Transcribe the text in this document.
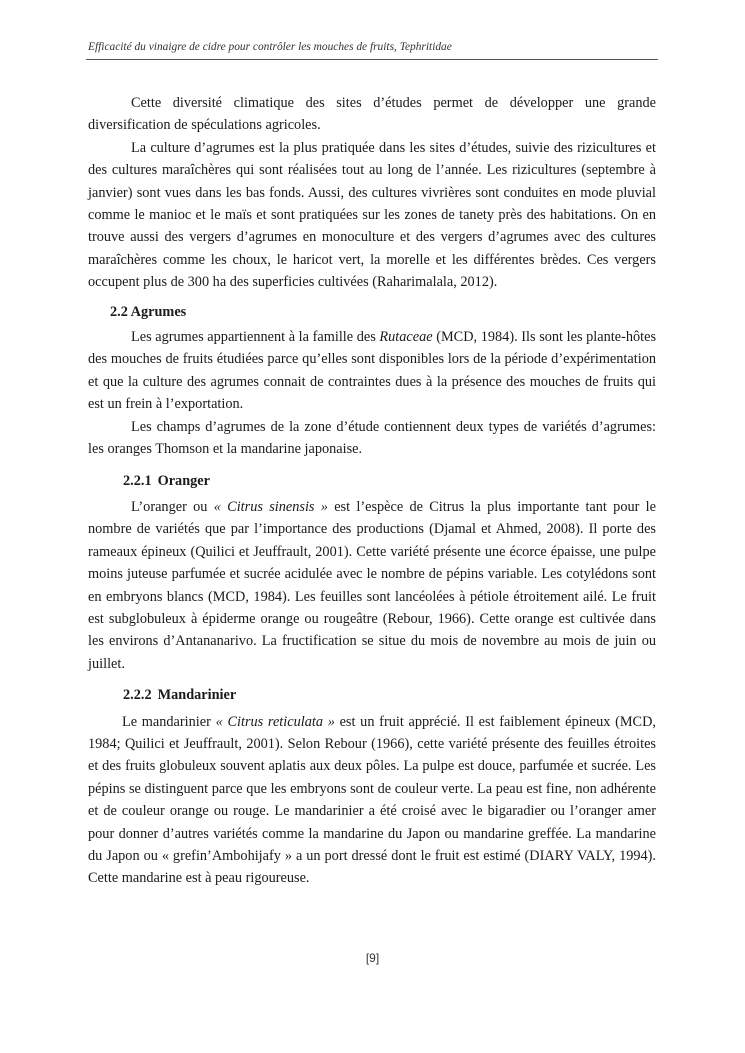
Efficacité du vinaigre de cidre pour contrôler les mouches de fruits, Tephritidae

Cette diversité climatique des sites d’études permet de développer une grande diversification de spéculations agricoles.

La culture d’agrumes est la plus pratiquée dans les sites d’études, suivie des rizicultures et des cultures maraîchères qui sont réalisées tout au long de l’année. Les rizicultures (septembre à janvier) sont vues dans les bas fonds. Aussi, des cultures vivrières sont conduites en mode pluvial comme le manioc et le maïs et sont pratiquées sur les zones de tanety près des habitations. On en trouve aussi des vergers d’agrumes en monoculture et des vergers d’agrumes avec des cultures maraîchères comme les choux, le haricot vert, la morelle et les différentes brèdes. Ces vergers occupent plus de 300 ha des superficies cultivées (Raharimalala, 2012).

2.2 Agrumes

Les agrumes appartiennent à la famille des Rutaceae (MCD, 1984). Ils sont les plante-hôtes des mouches de fruits étudiées parce qu’elles sont disponibles lors de la période d’expérimentation et que la culture des agrumes connait de contraintes dues à la présence des mouches de fruits qui est un frein à l’exportation.

Les champs d’agrumes de la zone d’étude contiennent deux types de variétés d’agrumes: les oranges Thomson et la mandarine japonaise.

2.2.1 Oranger

L’oranger ou « Citrus sinensis » est l’espèce de Citrus la plus importante tant pour le nombre de variétés que par l’importance des productions (Djamal et Ahmed, 2008). Il porte des rameaux épineux (Quilici et Jeuffrault, 2001). Cette variété présente une écorce épaisse, une pulpe moins juteuse parfumée et sucrée acidulée avec le nombre de pépins variable. Les cotylédons sont en embryons blancs (MCD, 1984). Les feuilles sont lancéolées à pétiole étroitement ailé. Le fruit est subglobuleux à épiderme orange ou rougeâtre (Rebour, 1966). Cette orange est cultivée dans les environs d’Antananarivo. La fructification se situe du mois de novembre au mois de juin ou juillet.

2.2.2 Mandarinier

Le mandarinier « Citrus reticulata » est un fruit apprécié. Il est faiblement épineux (MCD, 1984; Quilici et Jeuffrault, 2001). Selon Rebour (1966), cette variété présente des feuilles étroites et des fruits globuleux souvent aplatis aux deux pôles. La pulpe est douce, parfumée et sucrée. Les pépins se distinguent parce que les embryons sont de couleur verte. La peau est fine, non adhérente et de couleur orange ou rouge. Le mandarinier a été croisé avec le bigaradier ou l’oranger amer pour donner d’autres variétés comme la mandarine du Japon ou mandarine greffée. La mandarine du Japon ou « grefin’Ambohijafy » a un port dressé dont le fruit est estimé (DIARY VALY, 1994). Cette mandarine est à peau rigoureuse.

[9]
